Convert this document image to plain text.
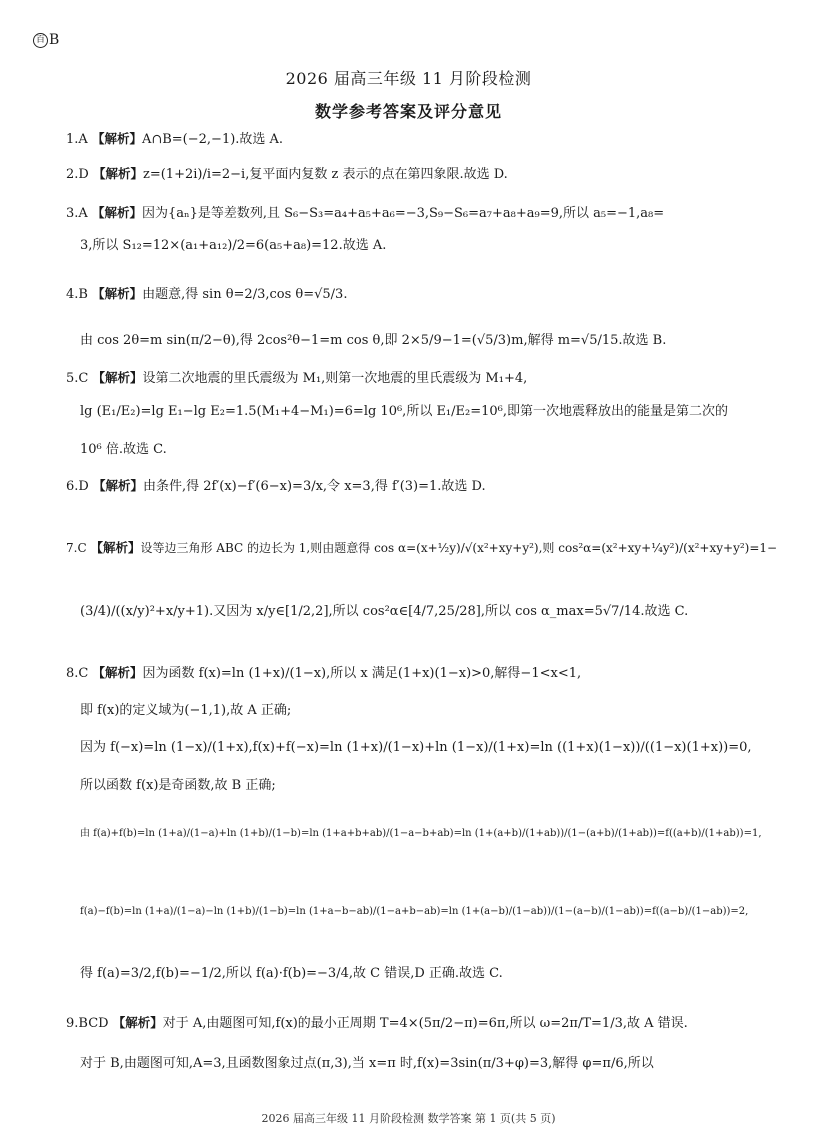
百 B
2026 届高三年级 11 月阶段检测
数学参考答案及评分意见
1.A 【解析】A∩B=(−2,−1).故选 A.
2.D 【解析】z=(1+2i)/i=2−i,复平面内复数 z 表示的点在第四象限.故选 D.
3.A 【解析】因为{aₙ}是等差数列,且 S₆−S₃=a₄+a₅+a₆=−3,S₉−S₆=a₇+a₈+a₉=9,所以 a₅=−1,a₈=
3,所以 S₁₂=12×(a₁+a₁₂)/2=6(a₅+a₈)=12.故选 A.
4.B 【解析】由题意,得 sin θ=2/3,cos θ=√5/3.
由 cos 2θ=m sin(π/2−θ),得 2cos²θ−1=m cos θ,即 2×5/9−1=(√5/3)m,解得 m=√5/15.故选 B.
5.C 【解析】设第二次地震的里氏震级为 M₁,则第一次地震的里氏震级为 M₁+4,
lg (E₁/E₂)=lg E₁−lg E₂=1.5(M₁+4−M₁)=6=lg 10⁶,所以 E₁/E₂=10⁶,即第一次地震释放出的能量是第二次的
10⁶ 倍.故选 C.
6.D 【解析】由条件,得 2f′(x)−f′(6−x)=3/x,令 x=3,得 f′(3)=1.故选 D.
7.C 【解析】设等边三角形 ABC 的边长为 1,则由题意得 cos α=(x+½y)/√(x²+xy+y²),则 cos²α=(x²+xy+¼y²)/(x²+xy+y²)=1−
(3/4)/((x/y)²+x/y+1).又因为 x/y∈[1/2,2],所以 cos²α∈[4/7,25/28],所以 cos α_max=5√7/14.故选 C.
8.C 【解析】因为函数 f(x)=ln (1+x)/(1−x),所以 x 满足(1+x)(1−x)>0,解得−1<x<1,
即 f(x)的定义域为(−1,1),故 A 正确;
因为 f(−x)=ln (1−x)/(1+x),f(x)+f(−x)=ln (1+x)/(1−x)+ln (1−x)/(1+x)=ln ((1+x)(1−x))/((1−x)(1+x))=0,
所以函数 f(x)是奇函数,故 B 正确;
由 f(a)+f(b)=ln (1+a)/(1−a)+ln (1+b)/(1−b)=ln (1+a+b+ab)/(1−a−b+ab)=ln (1+(a+b)/(1+ab))/(1−(a+b)/(1+ab))=f((a+b)/(1+ab))=1,
f(a)−f(b)=ln (1+a)/(1−a)−ln (1+b)/(1−b)=ln (1+a−b−ab)/(1−a+b−ab)=ln (1+(a−b)/(1−ab))/(1−(a−b)/(1−ab))=f((a−b)/(1−ab))=2,
得 f(a)=3/2,f(b)=−1/2,所以 f(a)·f(b)=−3/4,故 C 错误,D 正确.故选 C.
9.BCD 【解析】对于 A,由题图可知,f(x)的最小正周期 T=4×(5π/2−π)=6π,所以 ω=2π/T=1/3,故 A 错误.
对于 B,由题图可知,A=3,且函数图象过点(π,3),当 x=π 时,f(x)=3sin(π/3+φ)=3,解得 φ=π/6,所以
2026 届高三年级 11 月阶段检测 数学答案 第 1 页(共 5 页)
